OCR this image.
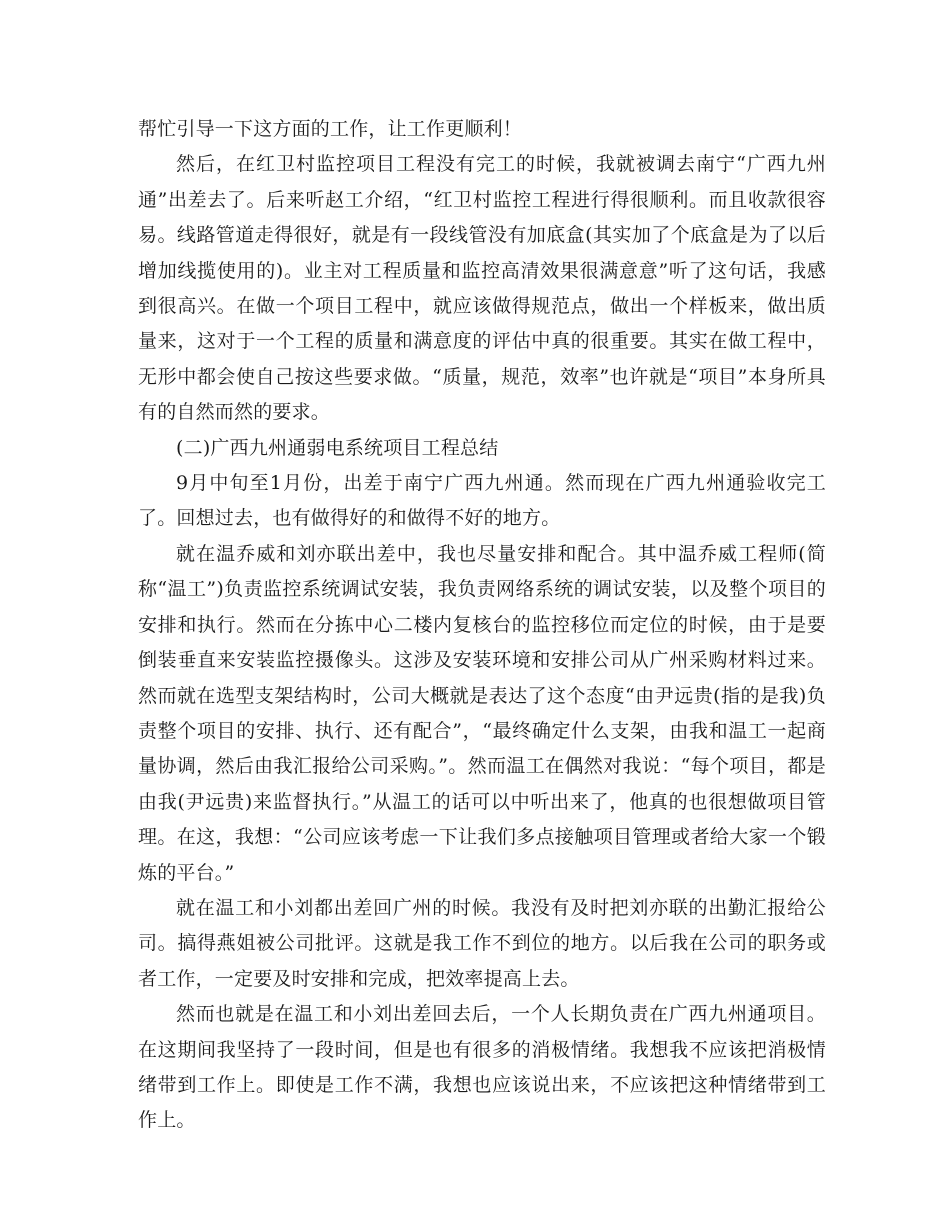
帮忙引导一下这方面的工作，让工作更顺利！

然后，在红卫村监控项目工程没有完工的时候，我就被调去南宁“广西九州通”出差去了。后来听赵工介绍，“红卫村监控工程进行得很顺利。而且收款很容易。线路管道走得很好，就是有一段线管没有加底盒(其实加了个底盒是为了以后增加线揽使用的)。业主对工程质量和监控高清效果很满意意”听了这句话，我感到很高兴。在做一个项目工程中，就应该做得规范点，做出一个样板来，做出质量来，这对于一个工程的质量和满意度的评估中真的很重要。其实在做工程中，无形中都会使自己按这些要求做。“质量，规范，效率”也许就是“项目”本身所具有的自然而然的要求。

(二)广西九州通弱电系统项目工程总结

9月中旬至1月份，出差于南宁广西九州通。然而现在广西九州通验收完工了。回想过去，也有做得好的和做得不好的地方。

就在温乔威和刘亦联出差中，我也尽量安排和配合。其中温乔威工程师(简称“温工”)负责监控系统调试安装，我负责网络系统的调试安装，以及整个项目的安排和执行。然而在分拣中心二楼内复核台的监控移位而定位的时候，由于是要倒装垂直来安装监控摄像头。这涉及安装环境和安排公司从广州采购材料过来。然而就在选型支架结构时，公司大概就是表达了这个态度“由尹远贵(指的是我)负责整个项目的安排、执行、还有配合”，“最终确定什么支架，由我和温工一起商量协调，然后由我汇报给公司采购。”。然而温工在偶然对我说：“每个项目，都是由我(尹远贵)来监督执行。”从温工的话可以中听出来了，他真的也很想做项目管理。在这，我想：“公司应该考虑一下让我们多点接触项目管理或者给大家一个锻炼的平台。”

就在温工和小刘都出差回广州的时候。我没有及时把刘亦联的出勤汇报给公司。搞得燕姐被公司批评。这就是我工作不到位的地方。以后我在公司的职务或者工作，一定要及时安排和完成，把效率提高上去。

然而也就是在温工和小刘出差回去后，一个人长期负责在广西九州通项目。在这期间我坚持了一段时间，但是也有很多的消极情绪。我想我不应该把消极情绪带到工作上。即使是工作不满，我想也应该说出来，不应该把这种情绪带到工作上。
